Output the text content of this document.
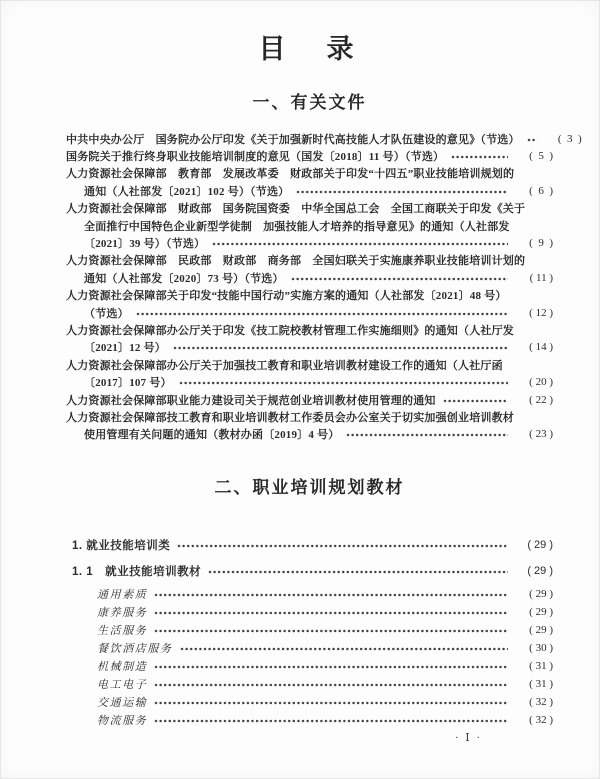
目　录
一、有关文件
中共中央办公厅　国务院办公厅印发《关于加强新时代高技能人才队伍建设的意见》（节选）	(  3  )
国务院关于推行终身职业技能培训制度的意见（国发〔2018〕11 号）（节选）	(  5  )
人力资源社会保障部　教育部　发展改革委　财政部关于印发“十四五”职业技能培训规划的
通知（人社部发〔2021〕102 号）（节选）	(  6  )
人力资源社会保障部　财政部　国务院国资委　中华全国总工会　全国工商联关于印发《关于
全面推行中国特色企业新型学徒制　加强技能人才培养的指导意见》的通知（人社部发
〔2021〕39 号）（节选）	(  9  )
人力资源社会保障部　民政部　财政部　商务部　全国妇联关于实施康养职业技能培训计划的
通知（人社部发〔2020〕73 号）（节选）	( 11 )
人力资源社会保障部关于印发“技能中国行动”实施方案的通知（人社部发〔2021〕48 号）
（节选）	( 12 )
人力资源社会保障部办公厅关于印发《技工院校教材管理工作实施细则》的通知（人社厅发
〔2021〕12 号）	( 14 )
人力资源社会保障部办公厅关于加强技工教育和职业培训教材建设工作的通知（人社厅函
〔2017〕107 号）	( 20 )
人力资源社会保障部职业能力建设司关于规范创业培训教材使用管理的通知	( 22 )
人力资源社会保障部技工教育和职业培训教材工作委员会办公室关于切实加强创业培训教材
使用管理有关问题的通知（教材办函〔2019〕4 号）	( 23 )
二、职业培训规划教材
1. 就业技能培训类	( 29 )
1. 1　就业技能培训教材	( 29 )
通用素质	( 29 )
康养服务	( 29 )
生活服务	( 29 )
餐饮酒店服务	( 30 )
机械制造	( 31 )
电工电子	( 31 )
交通运输	( 32 )
物流服务	( 32 )
· Ⅰ ·
